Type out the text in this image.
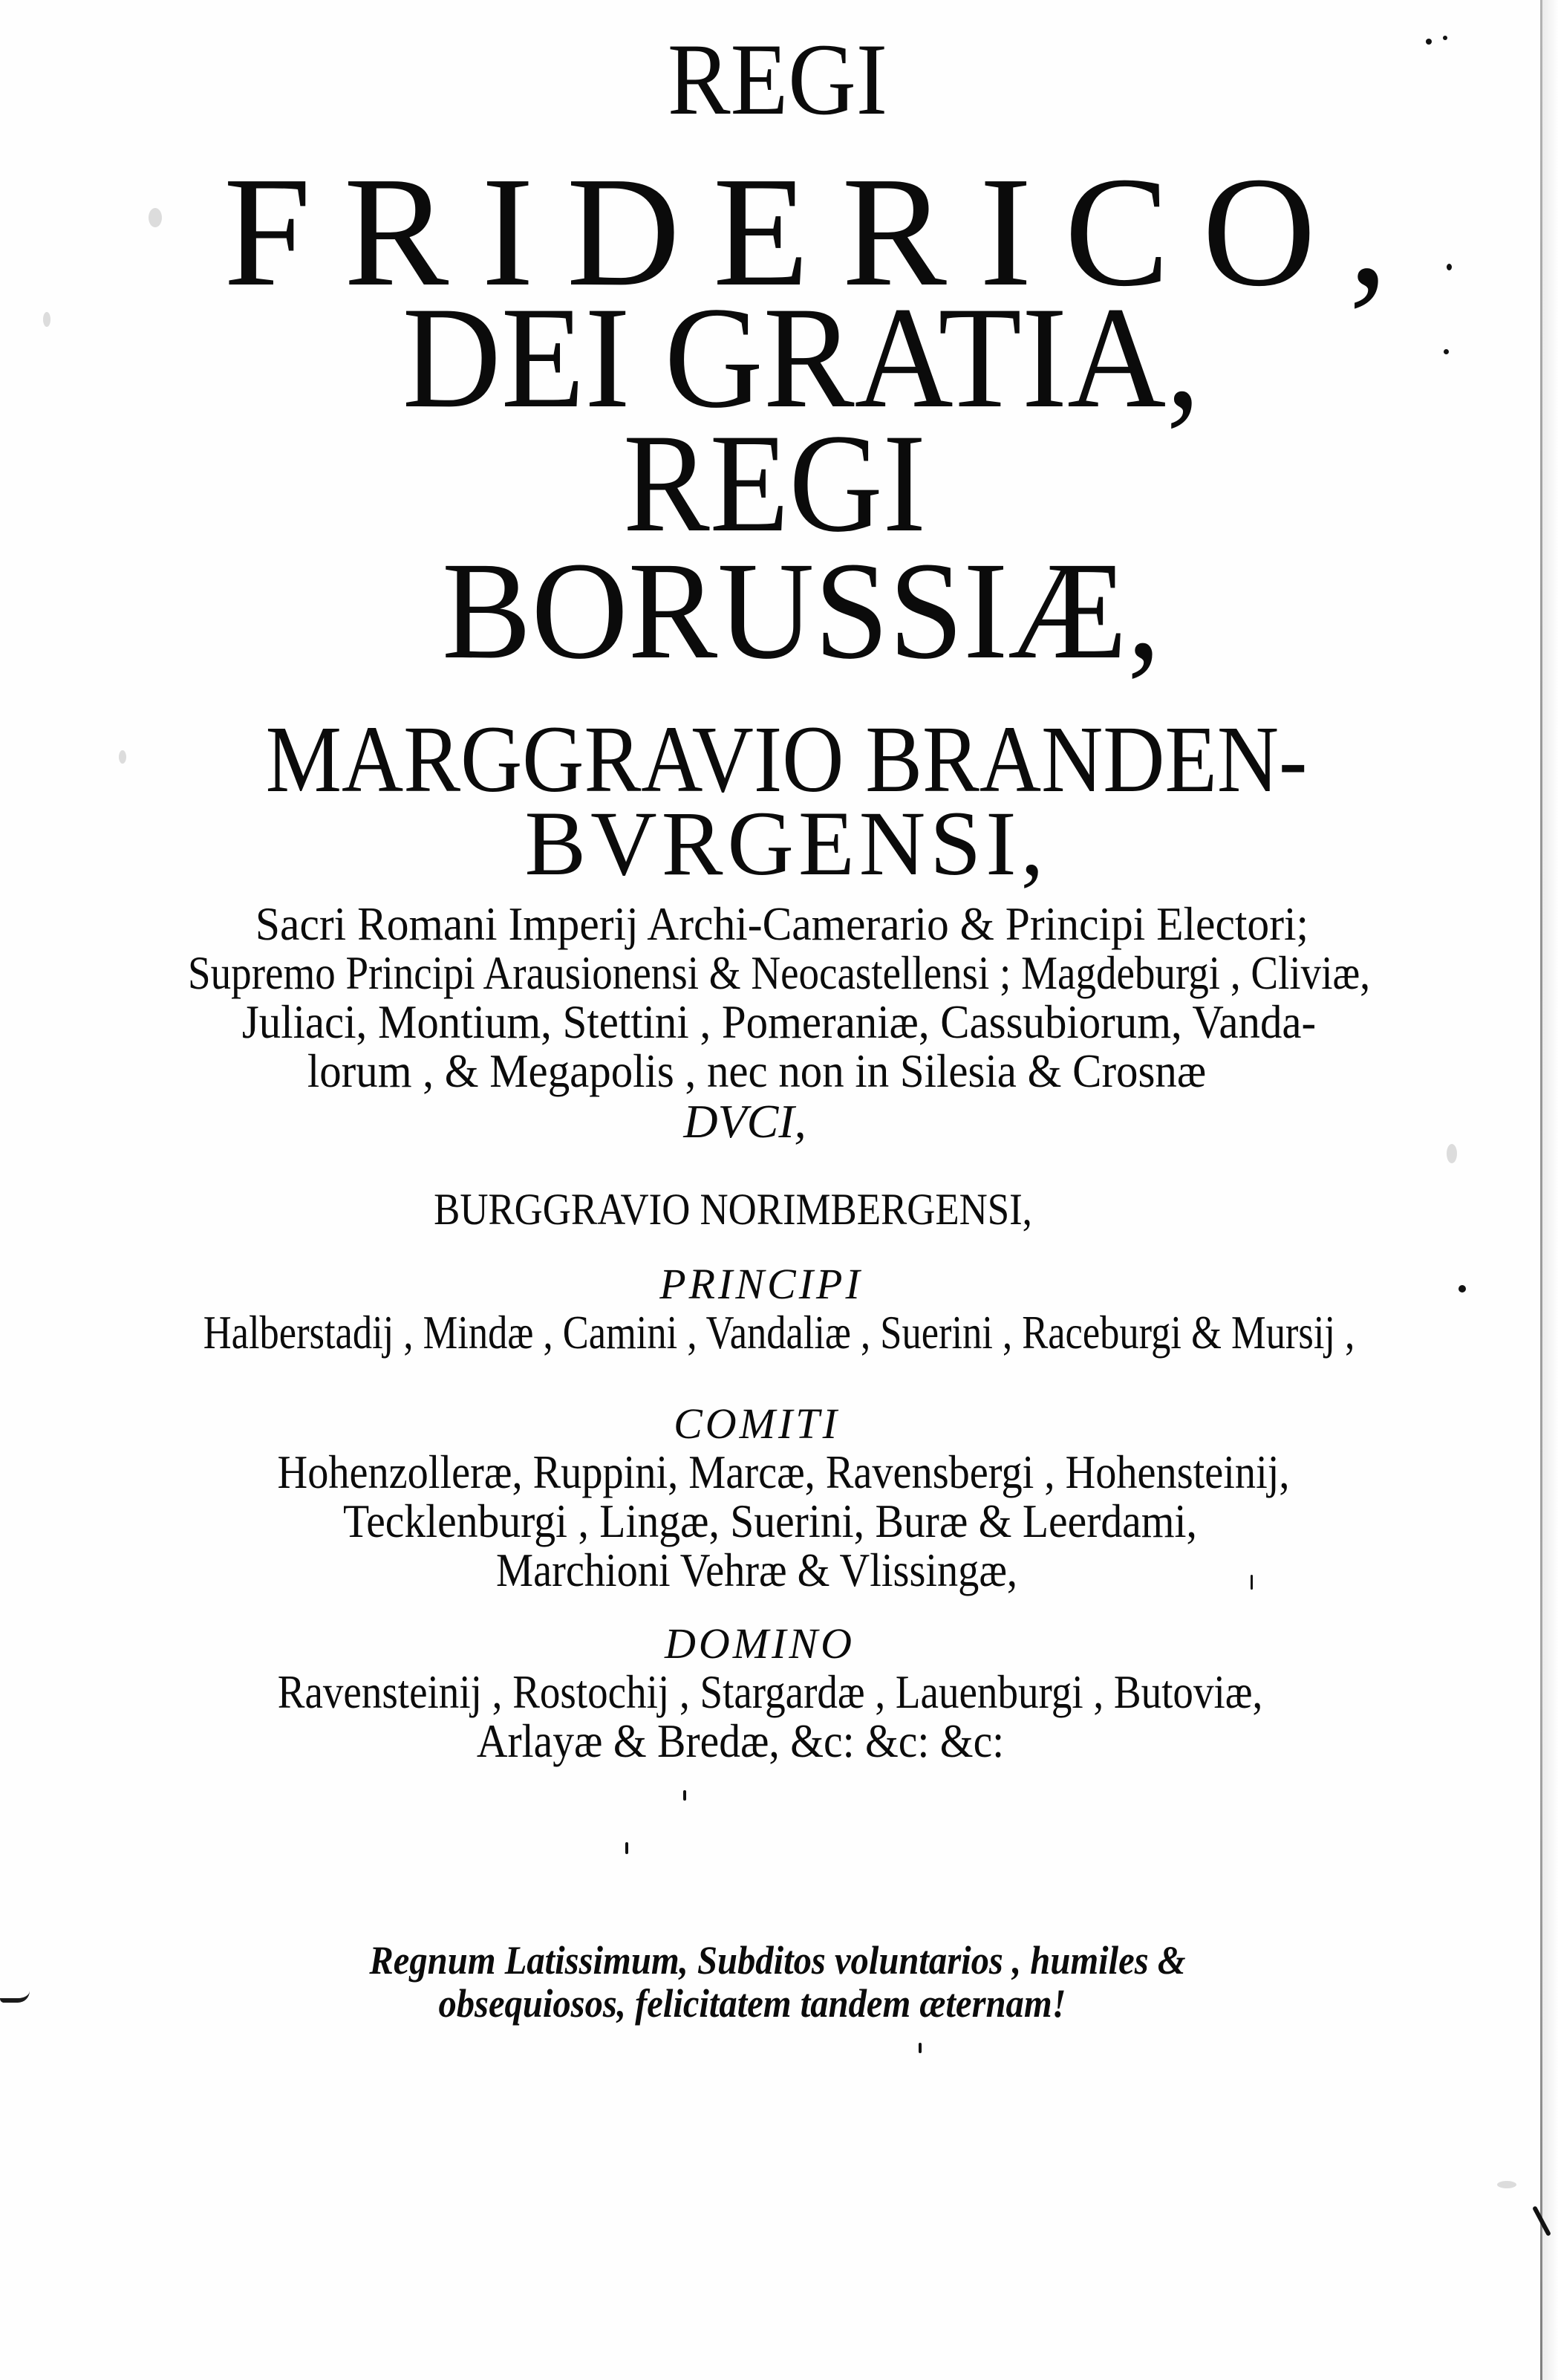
REGI
FRIDERICO,
DEI GRATIA,
REGI
BORUSSIÆ,
MARGGRAVIO BRANDEN-
BVRGENSI,
Sacri Romani Imperij Archi-Camerario & Principi Electori;
Supremo Principi Arausionensi & Neocastellensi ; Magdeburgi , Cliviæ,
Juliaci, Montium, Stettini , Pomeraniæ, Cassubiorum, Vanda-
lorum , & Megapolis , nec non in Silesia & Crosnæ
DVCI,
BURGGRAVIO NORIMBERGENSI,
PRINCIPI
Halberstadij , Mindæ , Camini , Vandaliæ , Suerini , Raceburgi & Mursij ,
COMITI
Hohenzolleræ, Ruppini, Marcæ, Ravensbergi , Hohensteinij,
Tecklenburgi , Lingæ, Suerini, Buræ & Leerdami,
Marchioni Vehræ & Vlissingæ,
DOMINO
Ravensteinij , Rostochij , Stargardæ , Lauenburgi , Butoviæ,
Arlayæ & Bredæ, &c: &c: &c:
Regnum Latissimum, Subditos voluntarios , humiles &
obsequiosos, felicitatem tandem æternam!
